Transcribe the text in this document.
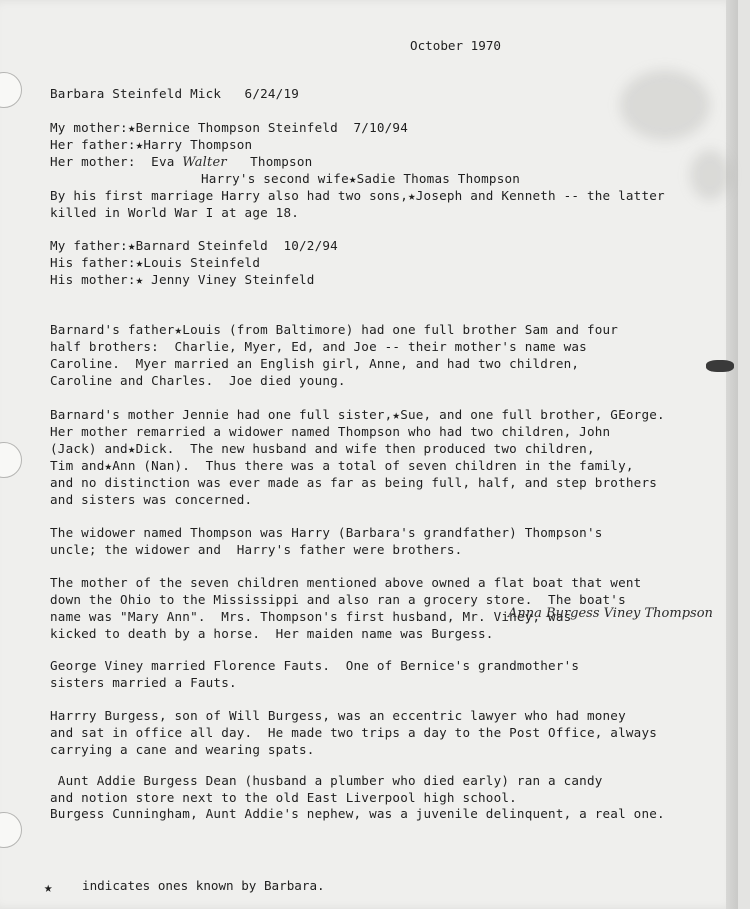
October 1970
Barbara Steinfeld Mick   6/24/19
My mother:★Bernice Thompson Steinfeld  7/10/94
Her father:★Harry Thompson
Her mother:  Eva Walter   Thompson
Harry's second wife★Sadie Thomas Thompson
By his first marriage Harry also had two sons,★Joseph and Kenneth -- the latter
killed in World War I at age 18.
My father:★Barnard Steinfeld  10/2/94
His father:★Louis Steinfeld
His mother:★ Jenny Viney Steinfeld

Barnard's father★Louis (from Baltimore) had one full brother Sam and four
half brothers:  Charlie, Myer, Ed, and Joe -- their mother's name was
Caroline.  Myer married an English girl, Anne, and had two children,
Caroline and Charles.  Joe died young.

Barnard's mother Jennie had one full sister,★Sue, and one full brother, GEorge.
Her mother remarried a widower named Thompson who had two children, John
(Jack) and★Dick.  The new husband and wife then produced two children,
Tim and★Ann (Nan).  Thus there was a total of seven children in the family,
and no distinction was ever made as far as being full, half, and step brothers
and sisters was concerned.

The widower named Thompson was Harry (Barbara's grandfather) Thompson's
uncle; the widower and  Harry's father were brothers.

The mother of the seven children mentioned above owned a flat boat that went
down the Ohio to the Mississippi and also ran a grocery store.  The boat's
name was "Mary Ann".  Mrs. Thompson's first husband, Mr. Viney, was
kicked to death by a horse.  Her maiden name was Burgess.
Anna Burgess Viney Thompson

George Viney married Florence Fauts.  One of Bernice's grandmother's
sisters married a Fauts.

Harrry Burgess, son of Will Burgess, was an eccentric lawyer who had money
and sat in office all day.  He made two trips a day to the Post Office, always
carrying a cane and wearing spats.

Aunt Addie Burgess Dean (husband a plumber who died early) ran a candy
and notion store next to the old East Liverpool high school.
Burgess Cunningham, Aunt Addie's nephew, was a juvenile delinquent, a real one.
★ indicates ones known by Barbara.
